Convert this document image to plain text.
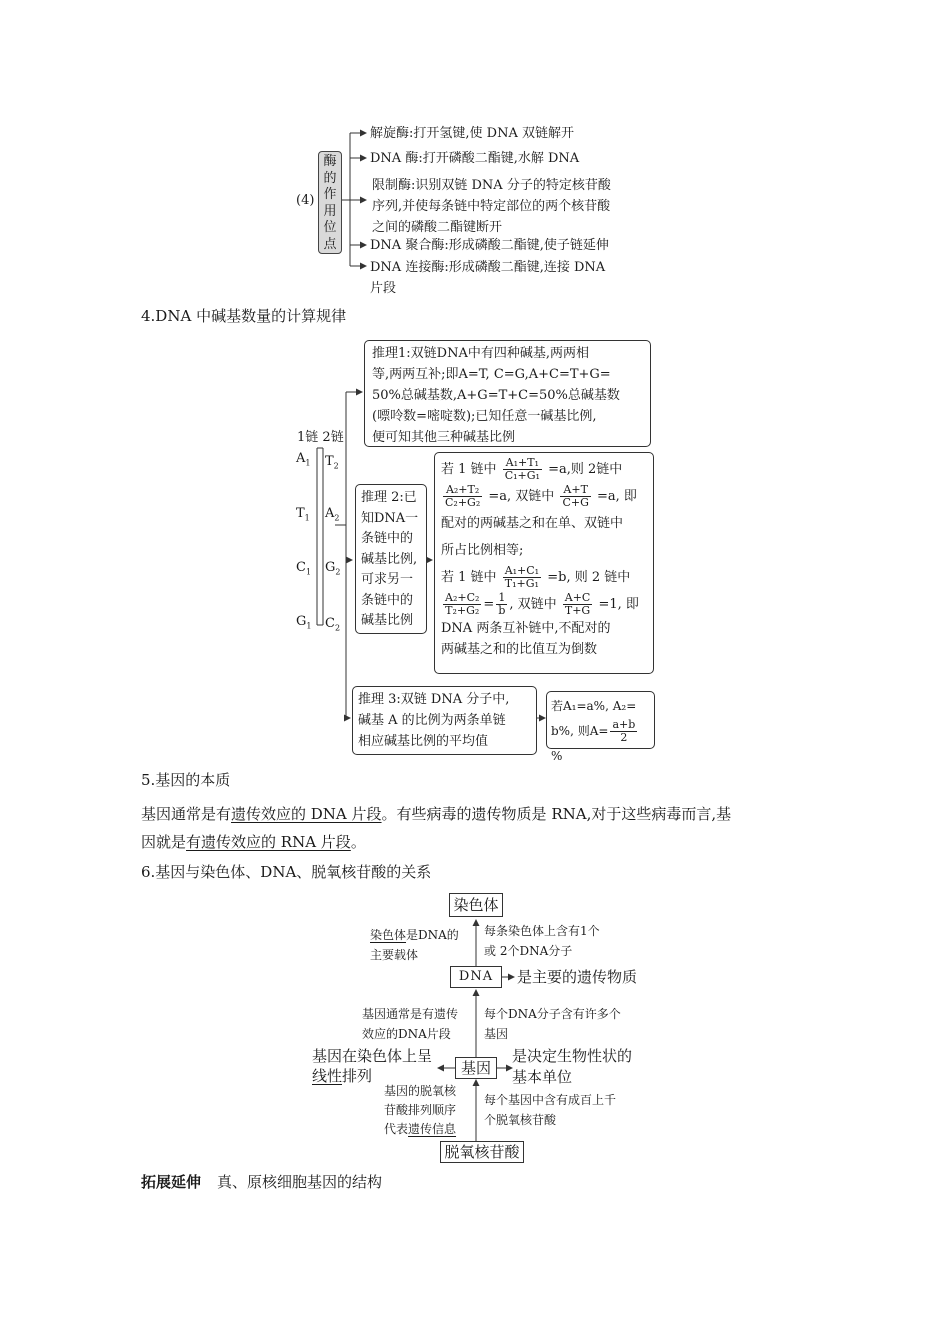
(4)
酶
的
作
用
位
点
解旋酶:打开氢键,使 DNA 双链解开
DNA 酶:打开磷酸二酯键,水解 DNA
限制酶:识别双链 DNA 分子的特定核苷酸
序列,并使每条链中特定部位的两个核苷酸
之间的磷酸二酯键断开
DNA 聚合酶:形成磷酸二酯键,使子链延伸
DNA 连接酶:形成磷酸二酯键,连接 DNA
片段
4.DNA 中碱基数量的计算规律
1链 2链
$A_1$ $T_2$
$T_1$ $A_2$
$C_1$ $G_2$
$G_1$ $C_2$
推理1:双链DNA中有四种碱基,两两相
等,两两互补;即A=T, C=G,A+C=T+G=
50%总碱基数,A+G=T+C=50%总碱基数
(嘌呤数=嘧啶数);已知任意一碱基比例,
便可知其他三种碱基比例
推理 2:已
知DNA一
条链中的
碱基比例,
可求另一
条链中的
碱基比例
若 1 链中 $\frac{\text{A₁+T₁}}{\text{C₁+G₁}} =a$,则 2链中
$\frac{\text{A₂+T₂}}{\text{C₂+G₂}} =a$, 双链中 $\frac{A+T}{C+G} =a$, 即
配对的两碱基之和在单、双链中
所占比例相等;
若 1 链中 $\frac{\text{A₁+C₁}}{\text{T₁+G₁}} =b$, 则 2 链中
$\frac{\text{A₂+C₂}}{\text{T₂+G₂}} = \frac{1}{b}$ , 双链中 $\frac{A+C}{T+G} =1$, 即
DNA 两条互补链中,不配对的
两碱基之和的比值互为倒数
推理 3:双链 DNA 分子中,
碱基 A 的比例为两条单链
相应碱基比例的平均值
若A₁=a%, A₂=
b%, 则$A= \frac{a+b}{2}$
%
5.基因的本质
基因通常是有遗传效应的 DNA 片段。有些病毒的遗传物质是 RNA,对于这些病毒而言,基
因就是有遗传效应的 RNA 片段。
6.基因与染色体、DNA、脱氧核苷酸的关系
染色体
DNA
基因
脱氧核苷酸
染色体是DNA的
主要载体
每条染色体上含有1个
或 2个DNA分子
是主要的遗传物质
基因通常是有遗传
效应的DNA片段
每个DNA分子含有许多个
基因
基因在染色体上呈
线性排列
是决定生物性状的
基本单位
基因的脱氧核
苷酸排列顺序
代表遗传信息
每个基因中含有成百上千
个脱氧核苷酸
拓展延伸 真、原核细胞基因的结构
